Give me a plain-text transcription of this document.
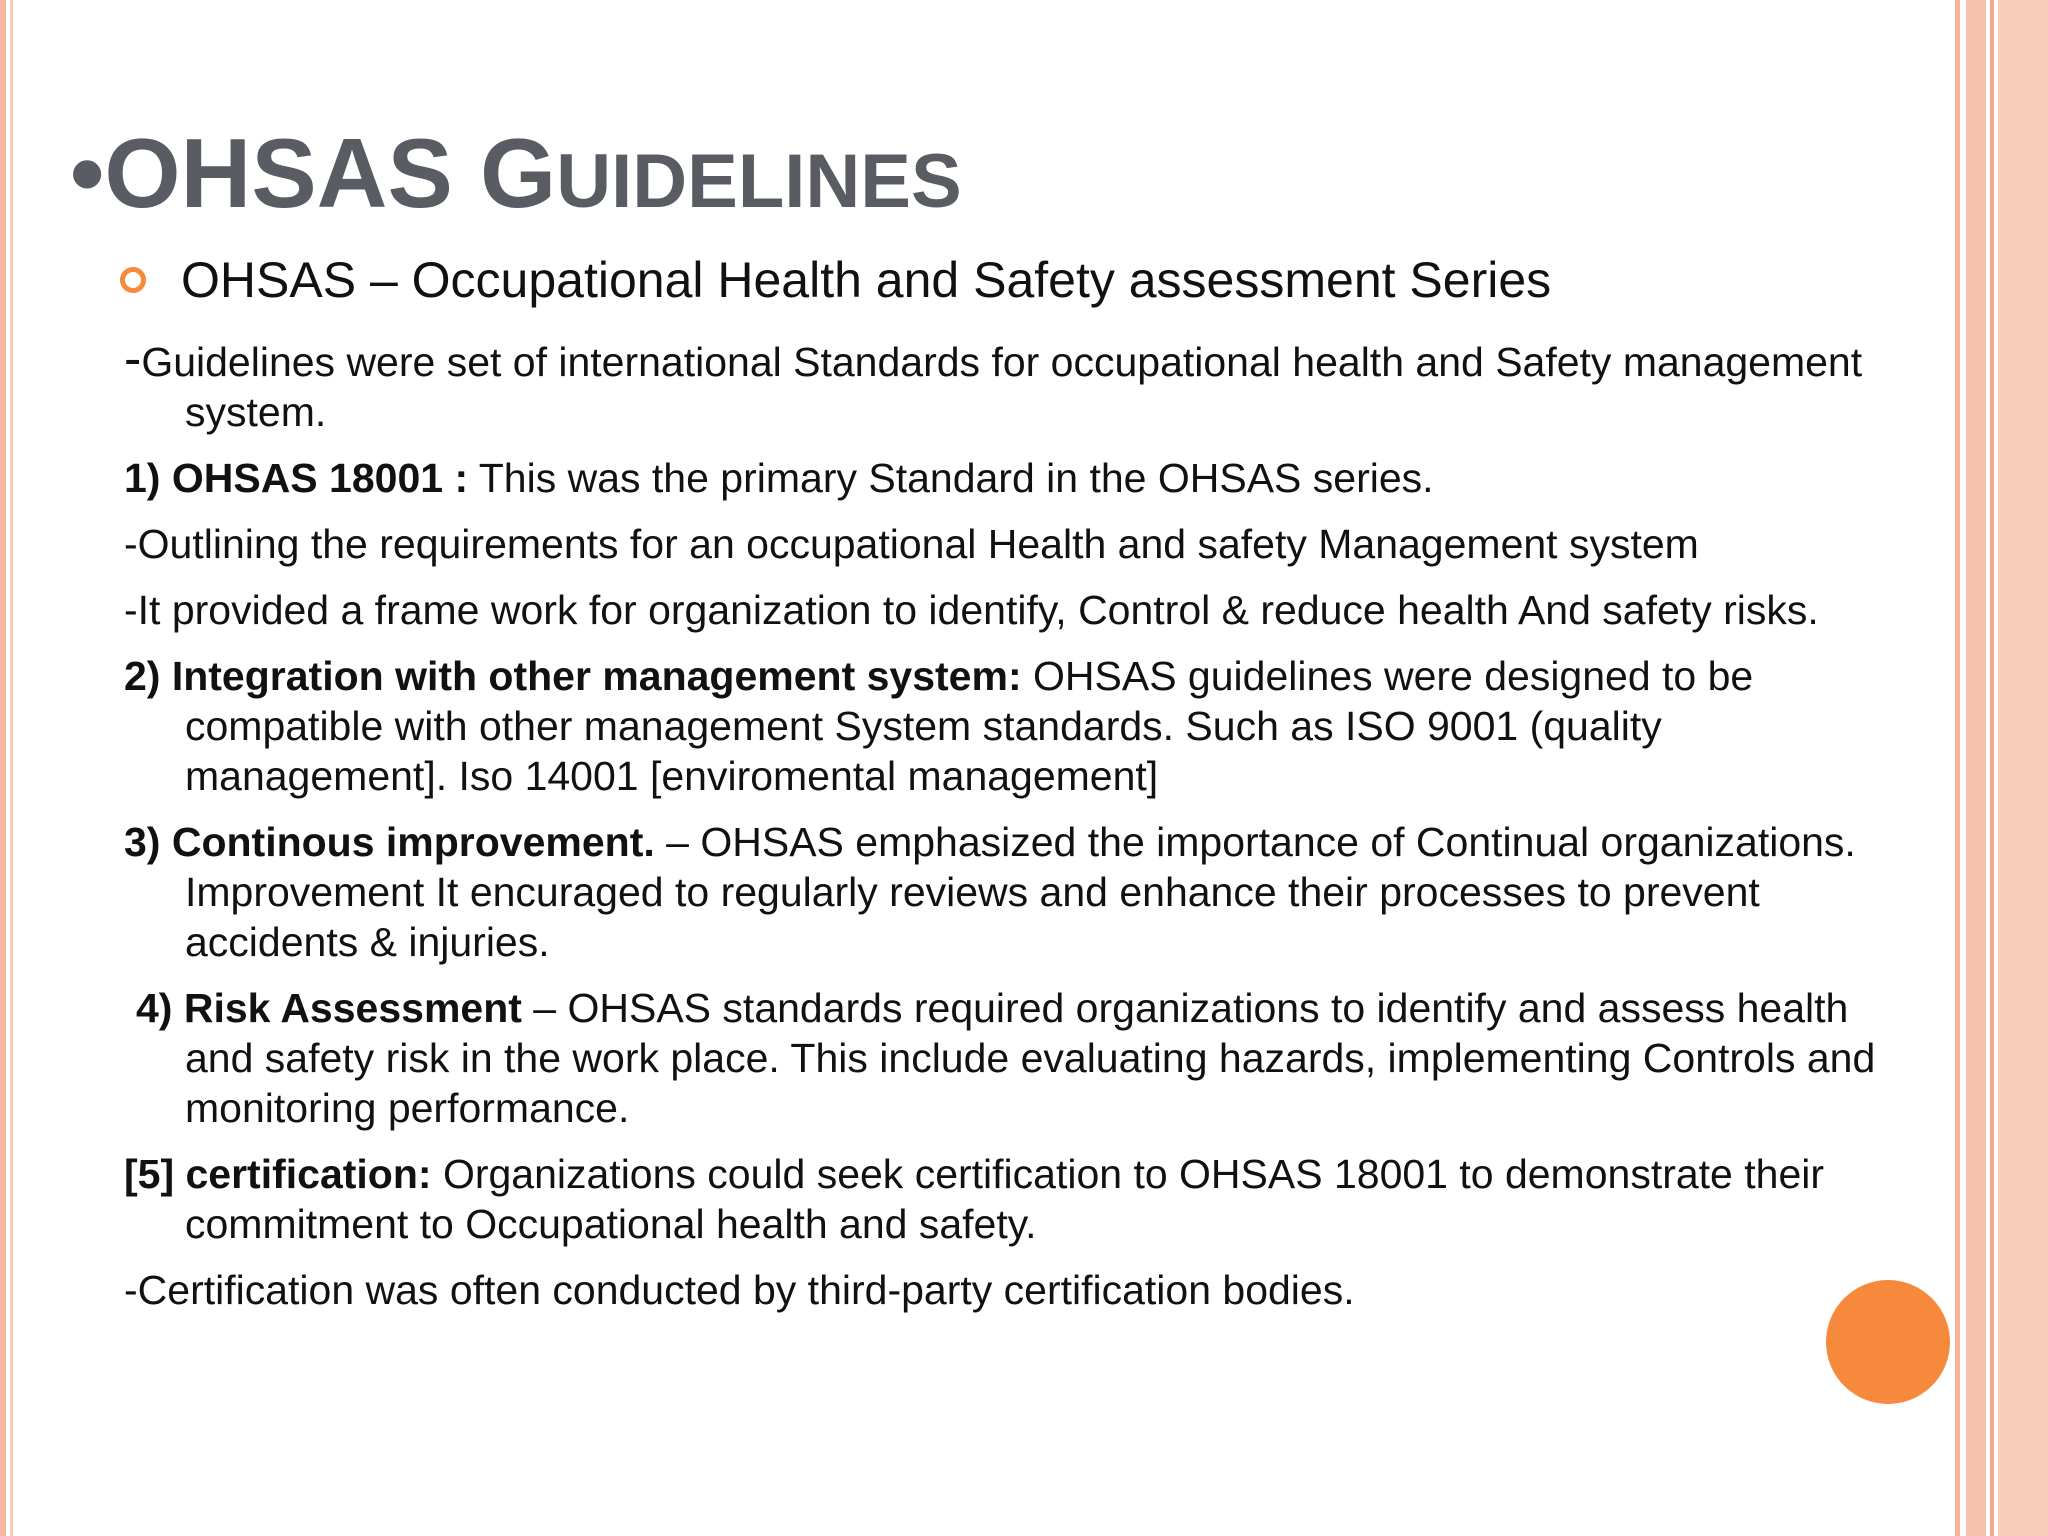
•OHSAS GUIDELINES
OHSAS – Occupational Health and Safety assessment Series

-Guidelines were set of international Standards for occupational health and Safety management system.

1) OHSAS 18001 : This was the primary Standard in the OHSAS series.

-Outlining the requirements for an occupational Health and safety Management system

-It provided a frame work for organization to identify, Control & reduce health And safety risks.

2) Integration with other management system: OHSAS guidelines were designed to be compatible with other management System standards. Such as ISO 9001 (quality management]. Iso 14001 [enviromental management]

3) Continous improvement. – OHSAS emphasized the importance of Continual organizations. Improvement It encuraged to regularly reviews and enhance their processes to prevent accidents & injuries.

4) Risk Assessment – OHSAS standards required organizations to identify and assess health and safety risk in the work place. This include evaluating hazards, implementing Controls and monitoring performance.

[5] certification: Organizations could seek certification to OHSAS 18001 to demonstrate their commitment to Occupational health and safety.

-Certification was often conducted by third-party certification bodies.
